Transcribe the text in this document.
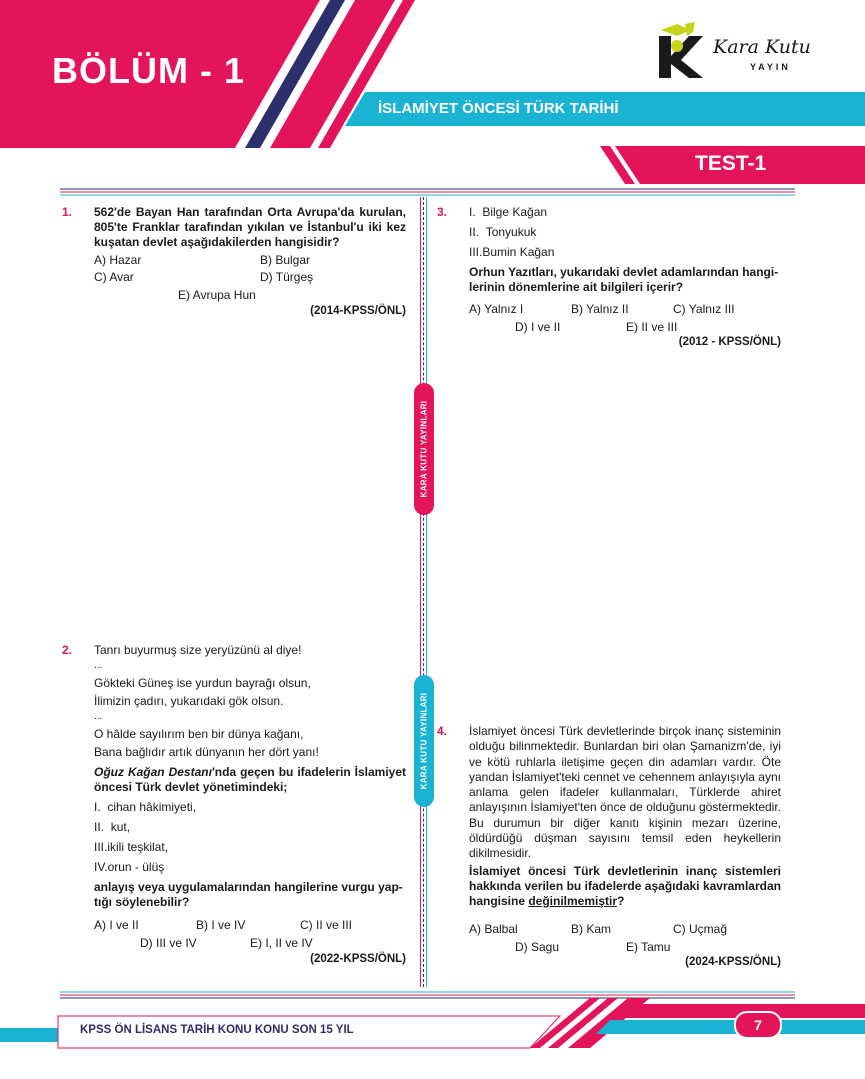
BÖLÜM - 1
İSLAMİYET ÖNCESİ TÜRK TARİHİ
TEST-1
Kara Kutu
YAYIN
KARA KUTU YAYINLARI
KARA KUTU YAYINLARI
1. 562'de Bayan Han tarafından Orta Avrupa'da kurulan, 805'te Franklar tarafından yıkılan ve İstanbul'u iki kez kuşatan devlet aşağıdakilerden hangisidir?
A) Hazar	B) Bulgar
C) Avar	D) Türgeş
E) Avrupa Hun
(2014-KPSS/ÖNL)
2. Tanrı buyurmuş size yeryüzünü al diye!
...
Gökteki Güneş ise yurdun bayrağı olsun,
İlimizin çadırı, yukarıdaki gök olsun.
...
O hâlde sayılırım ben bir dünya kağanı,
Bana bağlıdır artık dünyanın her dört yanı!
Oğuz Kağan Destanı'nda geçen bu ifadelerin İslamiyet öncesi Türk devlet yönetimindeki;
I. cihan hâkimiyeti,
II. kut,
III.ikili teşkilat,
IV.orun - ülüş
anlayış veya uygulamalarından hangilerine vurgu yap-
tığı söylenebilir?
A) I ve II	B) I ve IV	C) II ve III
D) III ve IV	E) I, II ve IV
(2022-KPSS/ÖNL)
3. I. Bilge Kağan
II. Tonyukuk
III.Bumin Kağan
Orhun Yazıtları, yukarıdaki devlet adamlarından hangi-
lerinin dönemlerine ait bilgileri içerir?
A) Yalnız I	B) Yalnız II	C) Yalnız III
D) I ve II	E) II ve III
(2012 - KPSS/ÖNL)
4. İslamiyet öncesi Türk devletlerinde birçok inanç sisteminin olduğu bilinmektedir. Bunlardan biri olan Şamanizm'de, iyi ve kötü ruhlarla iletişime geçen din adamları vardır. Öte yandan İslamiyet'teki cennet ve cehennem anlayışıyla aynı anlama gelen ifadeler kullanmaları, Türklerde ahiret anlayışının İslamiyet'ten önce de olduğunu göstermektedir. Bu durumun bir diğer kanıtı kişinin mezarı üzerine, öldürdüğü düşman sayısını temsil eden heykellerin dikilmesidir.
İslamiyet öncesi Türk devletlerinin inanç sistemleri hakkında verilen bu ifadelerde aşağıdaki kavramlardan hangisine değinilmemiştir?
A) Balbal	B) Kam	C) Uçmağ
D) Sagu	E) Tamu
(2024-KPSS/ÖNL)
KPSS ÖN LİSANS TARİH KONU KONU SON 15 YIL	7
